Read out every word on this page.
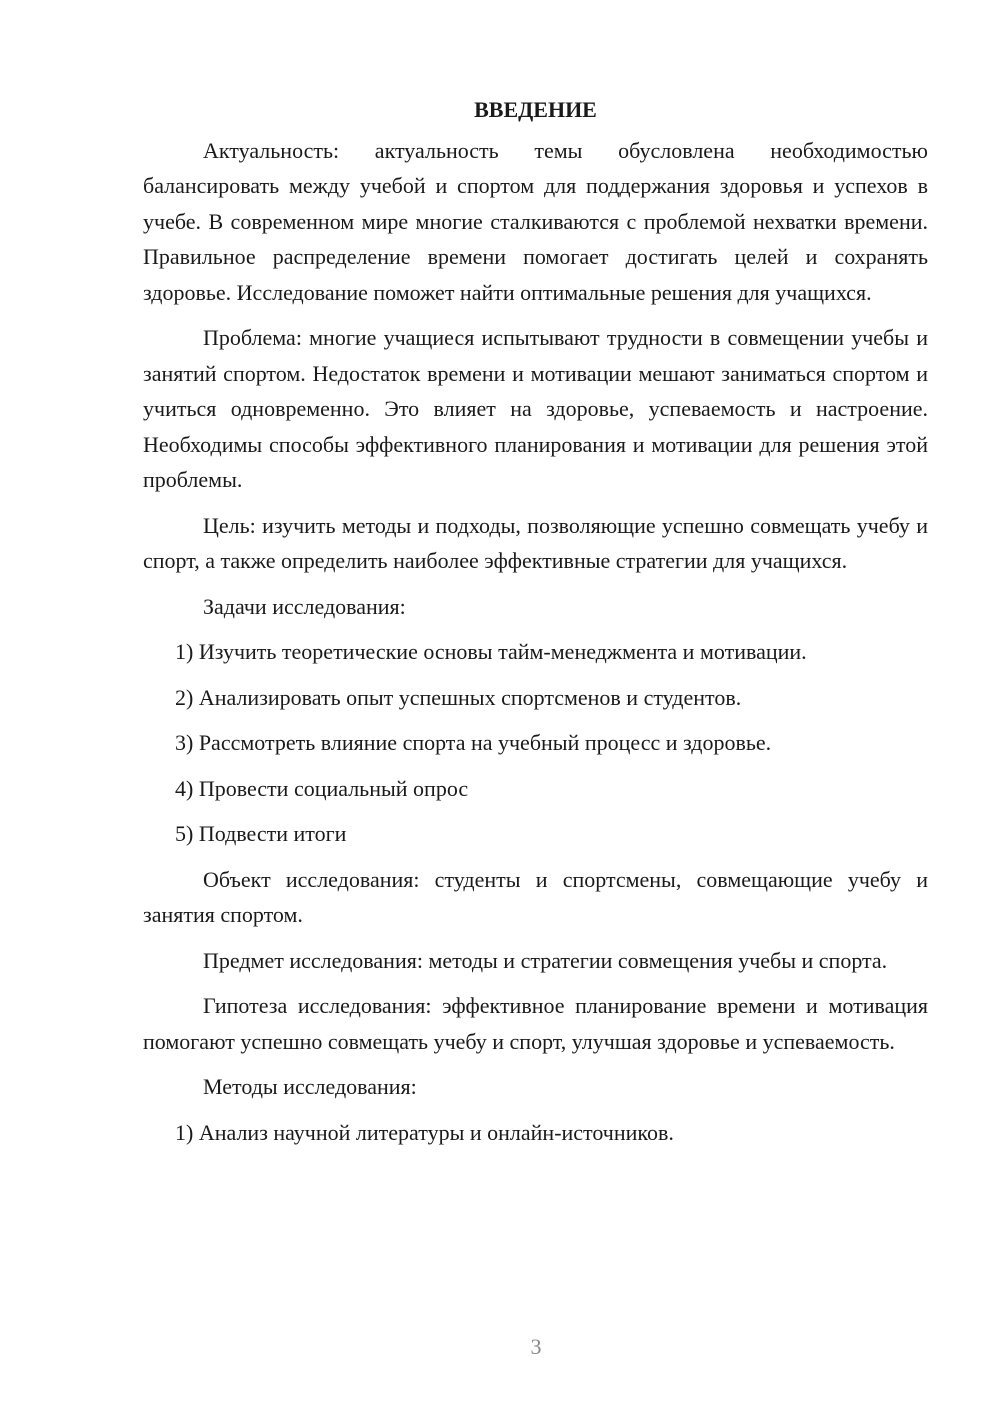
ВВЕДЕНИЕ
Актуальность: актуальность темы обусловлена необходимостью балансировать между учебой и спортом для поддержания здоровья и успехов в учебе. В современном мире многие сталкиваются с проблемой нехватки времени. Правильное распределение времени помогает достигать целей и сохранять здоровье. Исследование поможет найти оптимальные решения для учащихся.
Проблема: многие учащиеся испытывают трудности в совмещении учебы и занятий спортом. Недостаток времени и мотивации мешают заниматься спортом и учиться одновременно. Это влияет на здоровье, успеваемость и настроение. Необходимы способы эффективного планирования и мотивации для решения этой проблемы.
Цель: изучить методы и подходы, позволяющие успешно совмещать учебу и спорт, а также определить наиболее эффективные стратегии для учащихся.
Задачи исследования:
1) Изучить теоретические основы тайм-менеджмента и мотивации.
2) Анализировать опыт успешных спортсменов и студентов.
3) Рассмотреть влияние спорта на учебный процесс и здоровье.
4) Провести социальный опрос
5) Подвести итоги
Объект исследования: студенты и спортсмены, совмещающие учебу и занятия спортом.
Предмет исследования: методы и стратегии совмещения учебы и спорта.
Гипотеза исследования: эффективное планирование времени и мотивация помогают успешно совмещать учебу и спорт, улучшая здоровье и успеваемость.
Методы исследования:
1) Анализ научной литературы и онлайн-источников.
3
